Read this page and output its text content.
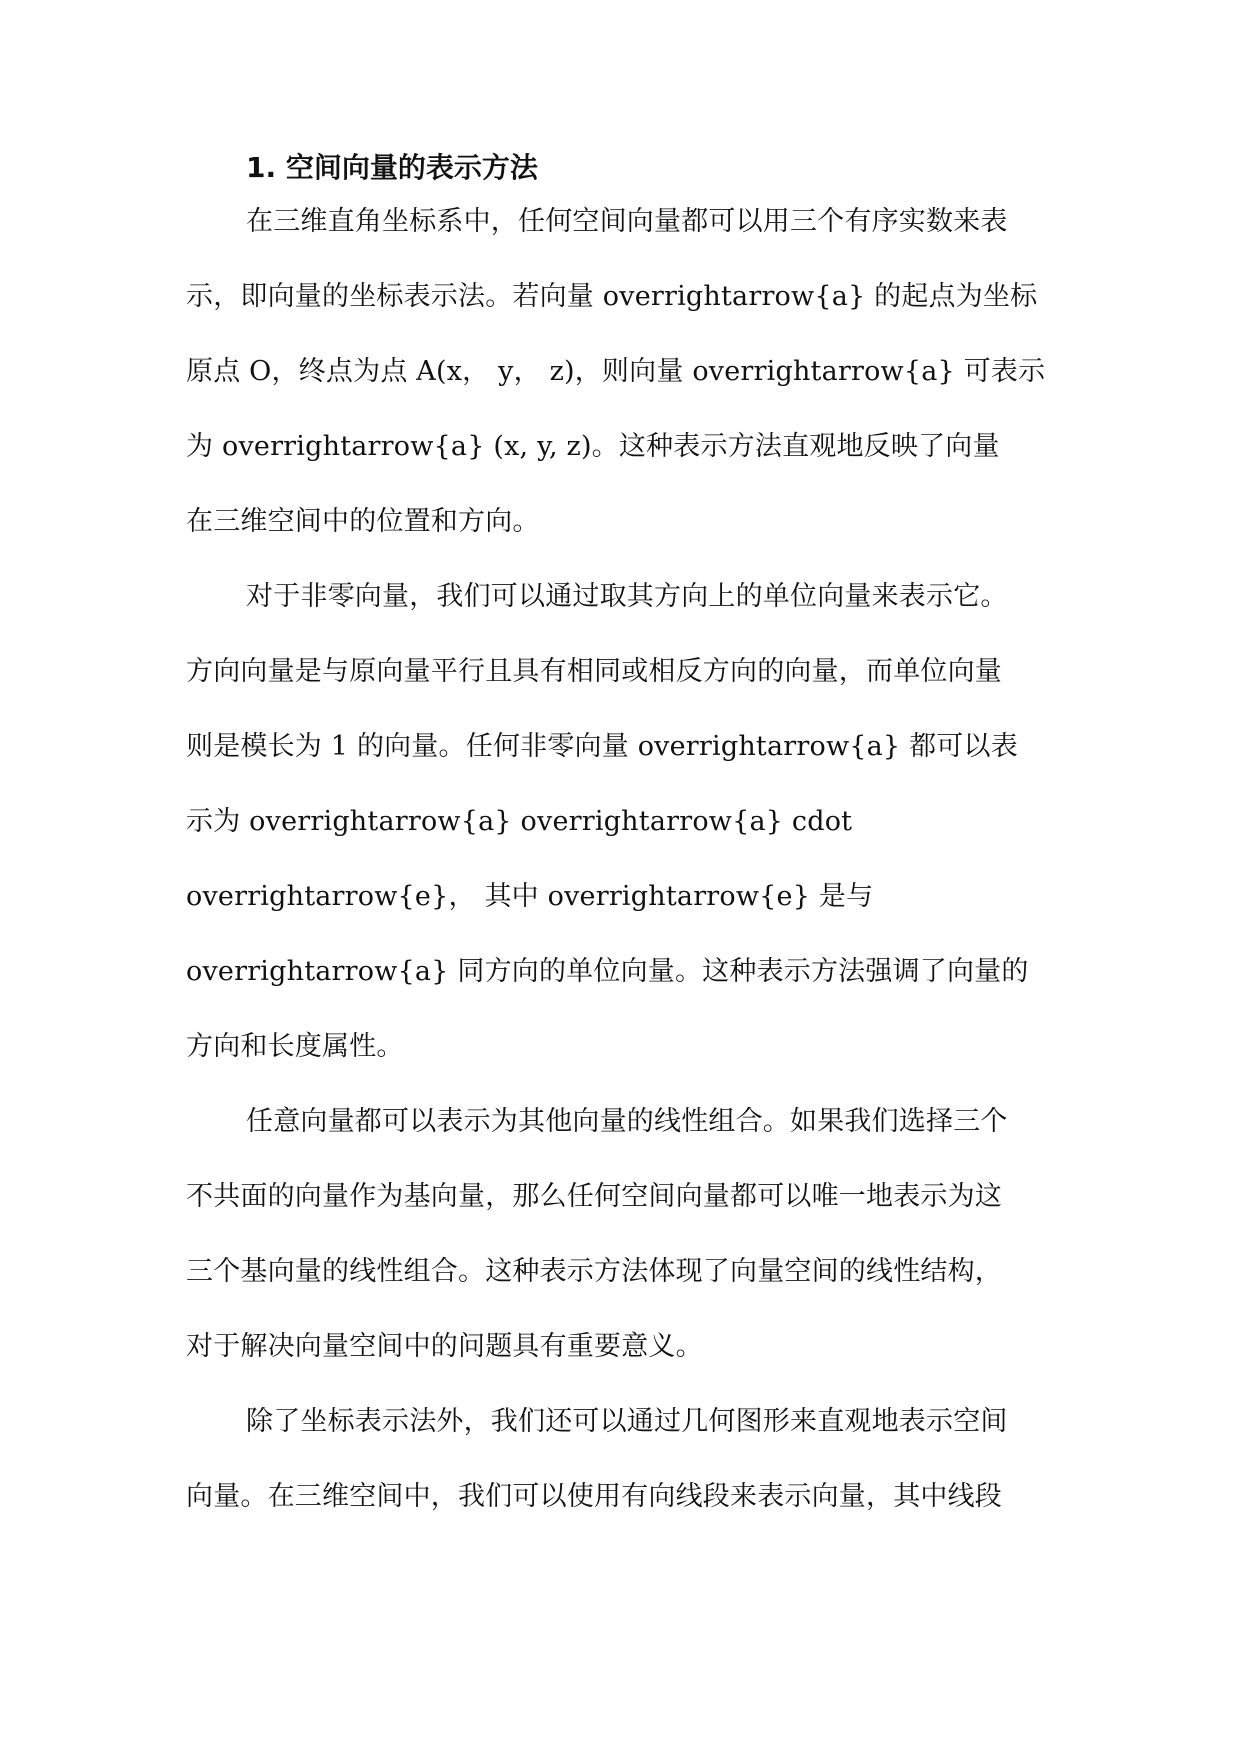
1. 空间向量的表示方法
在三维直角坐标系中，任何空间向量都可以用三个有序实数来表
示，即向量的坐标表示法。若向量 overrightarrow{a} 的起点为坐标
原点 O，终点为点 A(x， y， z)，则向量 overrightarrow{a} 可表示
为 overrightarrow{a} (x, y, z)。这种表示方法直观地反映了向量
在三维空间中的位置和方向。
对于非零向量，我们可以通过取其方向上的单位向量来表示它。
方向向量是与原向量平行且具有相同或相反方向的向量，而单位向量
则是模长为 1 的向量。任何非零向量 overrightarrow{a} 都可以表
示为 overrightarrow{a} overrightarrow{a} cdot
overrightarrow{e}， 其中 overrightarrow{e} 是与
overrightarrow{a} 同方向的单位向量。这种表示方法强调了向量的
方向和长度属性。
任意向量都可以表示为其他向量的线性组合。如果我们选择三个
不共面的向量作为基向量，那么任何空间向量都可以唯一地表示为这
三个基向量的线性组合。这种表示方法体现了向量空间的线性结构，
对于解决向量空间中的问题具有重要意义。
除了坐标表示法外，我们还可以通过几何图形来直观地表示空间
向量。在三维空间中，我们可以使用有向线段来表示向量，其中线段
